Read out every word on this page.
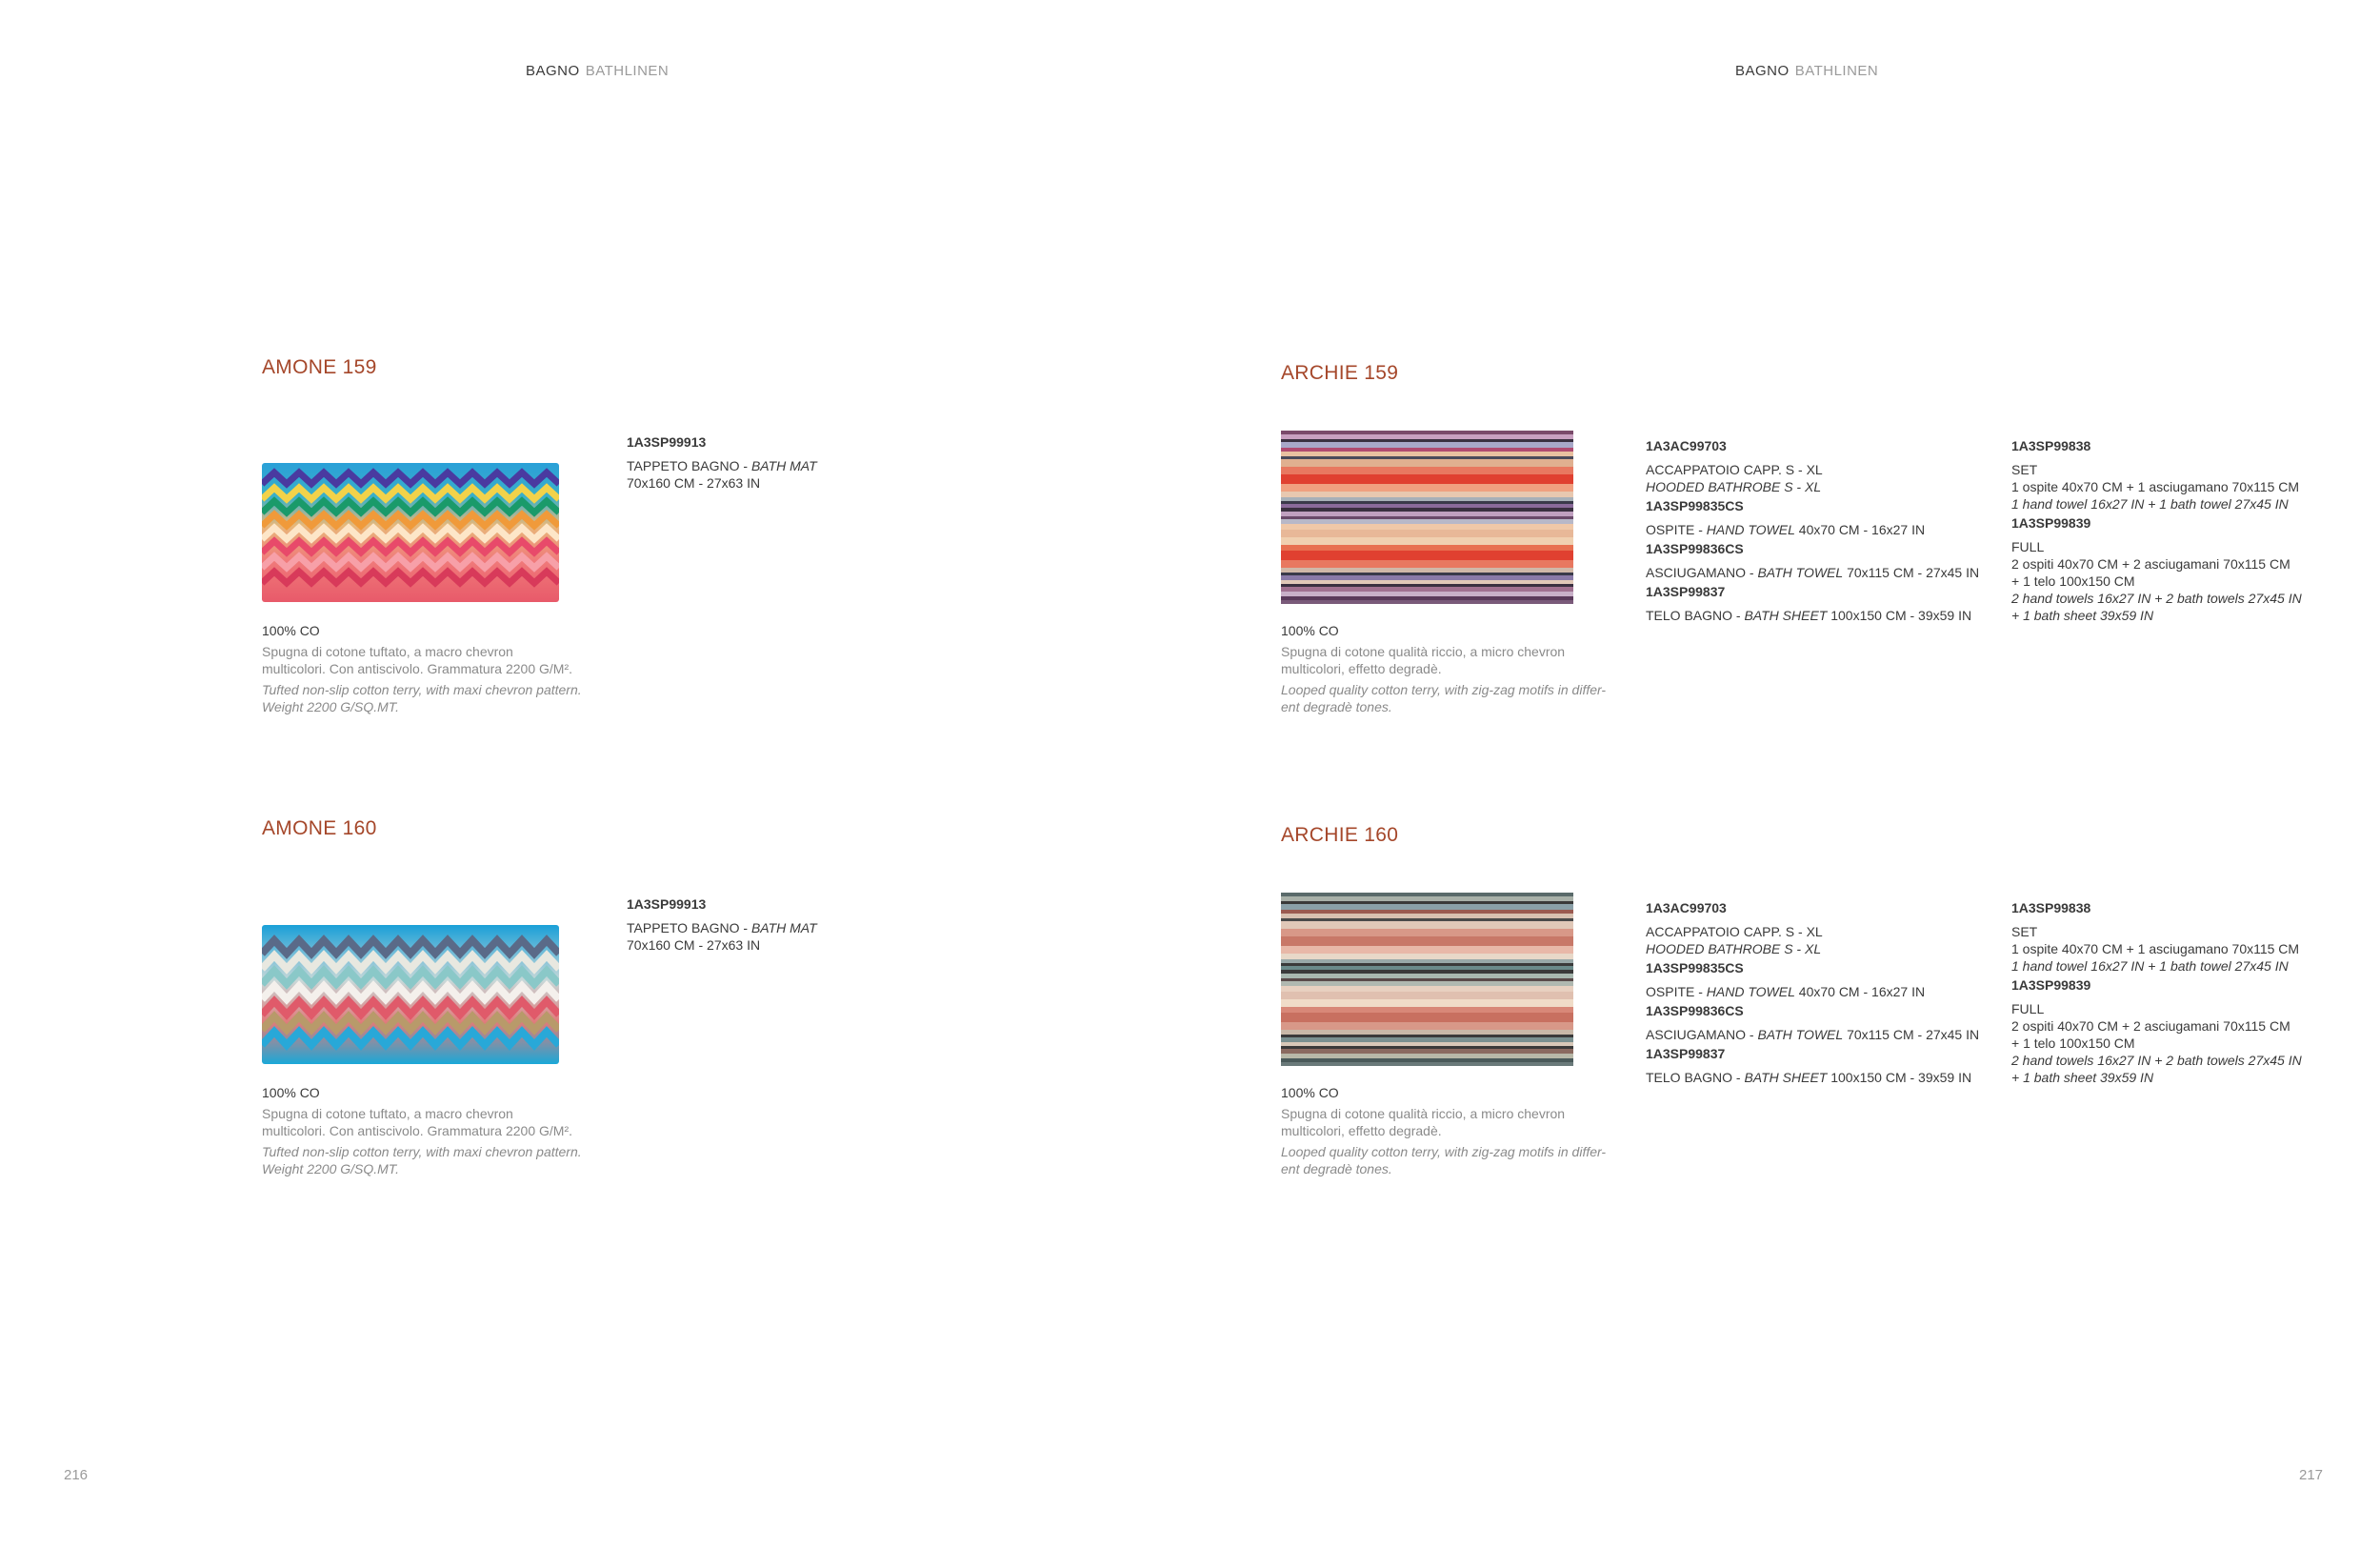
BAGNO BATHLINEN	BAGNO BATHLINEN
AMONE 159
1A3SP99913
TAPPETO BAGNO - BATH MAT
70x160 CM - 27x63 IN
100% CO
Spugna di cotone tuftato, a macro chevron
multicolori. Con antiscivolo. Grammatura 2200 G/M².
Tufted non-slip cotton terry, with maxi chevron pattern.
Weight 2200 G/SQ.MT.
AMONE 160
1A3SP99913
TAPPETO BAGNO - BATH MAT
70x160 CM - 27x63 IN
100% CO
Spugna di cotone tuftato, a macro chevron
multicolori. Con antiscivolo. Grammatura 2200 G/M².
Tufted non-slip cotton terry, with maxi chevron pattern.
Weight 2200 G/SQ.MT.
ARCHIE 159
1A3AC99703
ACCAPPATOIO CAPP. S - XL
HOODED BATHROBE S - XL
1A3SP99835CS
OSPITE - HAND TOWEL 40x70 CM - 16x27 IN
1A3SP99836CS
ASCIUGAMANO - BATH TOWEL 70x115 CM - 27x45 IN
1A3SP99837
TELO BAGNO - BATH SHEET 100x150 CM - 39x59 IN
1A3SP99838
SET
1 ospite 40x70 CM + 1 asciugamano 70x115 CM
1 hand towel 16x27 IN + 1 bath towel 27x45 IN
1A3SP99839
FULL
2 ospiti 40x70 CM + 2 asciugamani 70x115 CM
+ 1 telo 100x150 CM
2 hand towels 16x27 IN + 2 bath towels 27x45 IN
+ 1 bath sheet 39x59 IN
100% CO
Spugna di cotone qualità riccio, a micro chevron
multicolori, effetto degradè.
Looped quality cotton terry, with zig-zag motifs in differ-
ent degradè tones.
ARCHIE 160
1A3AC99703
ACCAPPATOIO CAPP. S - XL
HOODED BATHROBE S - XL
1A3SP99835CS
OSPITE - HAND TOWEL 40x70 CM - 16x27 IN
1A3SP99836CS
ASCIUGAMANO - BATH TOWEL 70x115 CM - 27x45 IN
1A3SP99837
TELO BAGNO - BATH SHEET 100x150 CM - 39x59 IN
1A3SP99838
SET
1 ospite 40x70 CM + 1 asciugamano 70x115 CM
1 hand towel 16x27 IN + 1 bath towel 27x45 IN
1A3SP99839
FULL
2 ospiti 40x70 CM + 2 asciugamani 70x115 CM
+ 1 telo 100x150 CM
2 hand towels 16x27 IN + 2 bath towels 27x45 IN
+ 1 bath sheet 39x59 IN
100% CO
Spugna di cotone qualità riccio, a micro chevron
multicolori, effetto degradè.
Looped quality cotton terry, with zig-zag motifs in differ-
ent degradè tones.
216	217
